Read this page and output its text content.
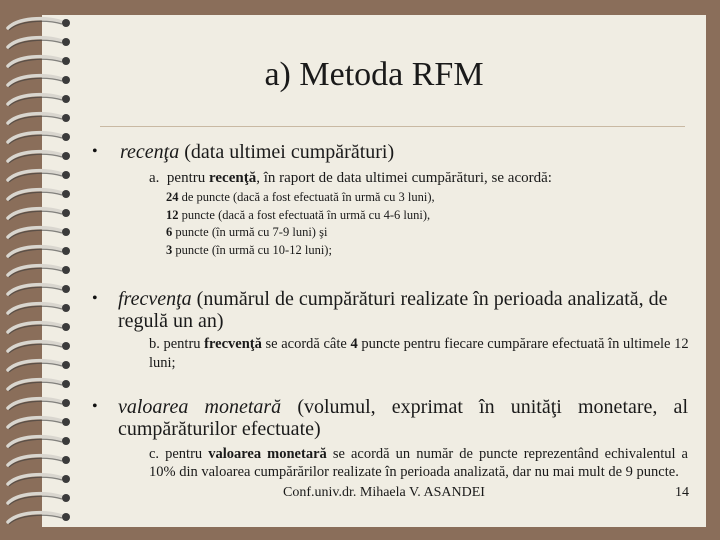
a) Metoda RFM
• recenţa (data ultimei cumpărături)
a.  pentru recenţă, în raport de data ultimei cumpărături, se acordă:
24 de puncte (dacă a fost efectuată în urmă cu 3 luni),
12 puncte (dacă a fost efectuată în urmă cu 4-6 luni),
6 puncte (în urmă cu 7-9 luni) şi
3 puncte (în urmă cu 10-12 luni);
• frecvenţa (numărul de cumpărături realizate în perioada analizată, de regulă un an)
b. pentru frecvenţă se acordă câte 4 puncte pentru fiecare cumpărare efectuată în ultimele 12 luni;
• valoarea monetară (volumul, exprimat în unităţi monetare, al cumpărăturilor efectuate)
c. pentru valoarea monetară se acordă un număr de puncte reprezentând echivalentul a 10% din valoarea cumpărărilor realizate în perioada analizată, dar nu mai mult de 9 puncte.
Conf.univ.dr. Mihaela V. ASANDEI	14
